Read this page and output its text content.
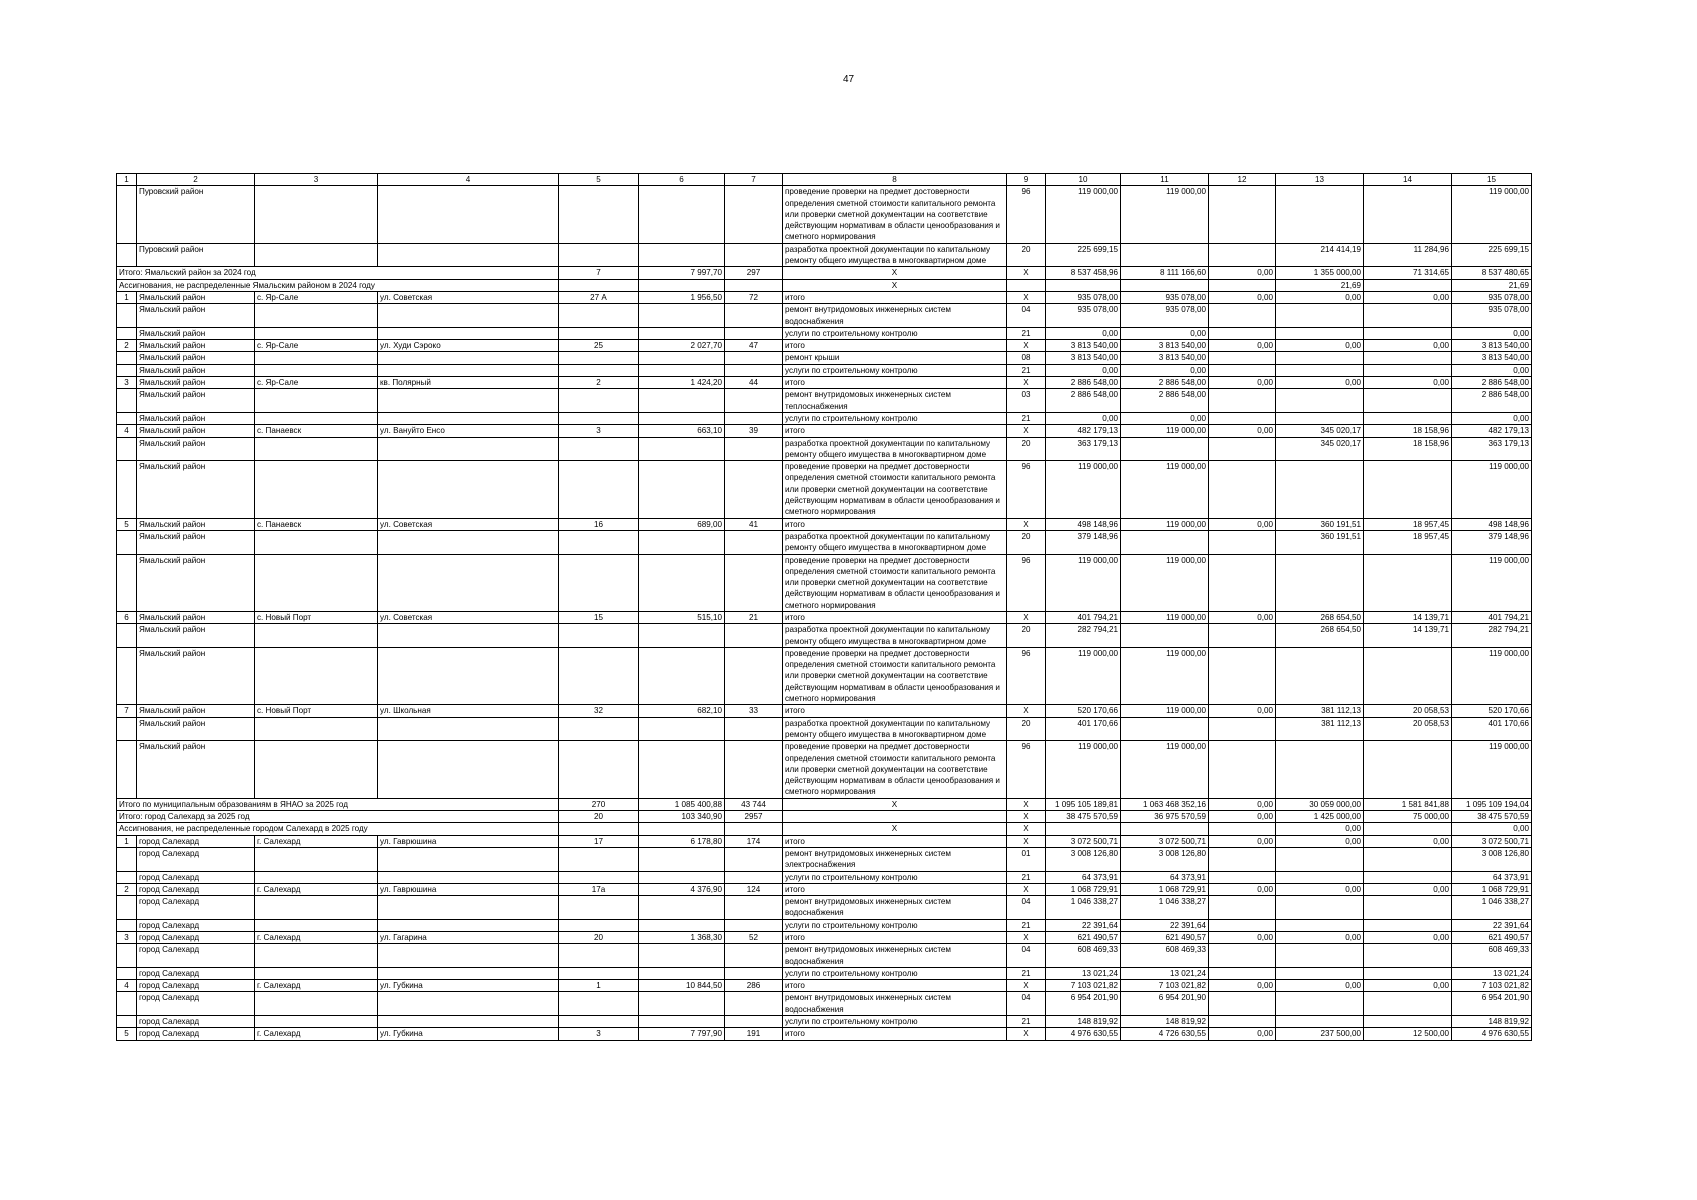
47
1	2	3	4	5	6	7	8	9	10	11	12	13	14	15
	Пуровский район						проведение проверки на предмет достоверности определения сметной стоимости капитального ремонта или проверки сметной документации на соответствие действующим нормативам в области ценообразования и сметного нормирования	96	119 000,00	119 000,00				119 000,00
	Пуровский район						разработка проектной документации по капитальному ремонту общего имущества в многоквартирном доме	20	225 699,15			214 414,19	11 284,96	225 699,15
Итого: Ямальский район за 2024 год				7	7 997,70	297	X	X	8 537 458,96	8 111 166,60	0,00	1 355 000,00	71 314,65	8 537 480,65
Ассигнования, не распределенные Ямальским районом в 2024 году							X					21,69		21,69
1	Ямальский район	с. Яр-Сале	ул. Советская	27 А	1 956,50	72	итого	X	935 078,00	935 078,00	0,00	0,00	0,00	935 078,00
	Ямальский район						ремонт внутридомовых инженерных систем водоснабжения	04	935 078,00	935 078,00				935 078,00
	Ямальский район						услуги по строительному контролю	21	0,00	0,00				0,00
2	Ямальский район	с. Яр-Сале	ул. Худи Сэроко	25	2 027,70	47	итого	X	3 813 540,00	3 813 540,00	0,00	0,00	0,00	3 813 540,00
	Ямальский район						ремонт крыши	08	3 813 540,00	3 813 540,00				3 813 540,00
	Ямальский район						услуги по строительному контролю	21	0,00	0,00				0,00
3	Ямальский район	с. Яр-Сале	кв. Полярный	2	1 424,20	44	итого	X	2 886 548,00	2 886 548,00	0,00	0,00	0,00	2 886 548,00
	Ямальский район						ремонт внутридомовых инженерных систем теплоснабжения	03	2 886 548,00	2 886 548,00				2 886 548,00
	Ямальский район						услуги по строительному контролю	21	0,00	0,00				0,00
4	Ямальский район	с. Панаевск	ул. Вануйто Енсо	3	663,10	39	итого	X	482 179,13	119 000,00	0,00	345 020,17	18 158,96	482 179,13
	Ямальский район						разработка проектной документации по капитальному ремонту общего имущества в многоквартирном доме	20	363 179,13			345 020,17	18 158,96	363 179,13
	Ямальский район						проведение проверки на предмет достоверности определения сметной стоимости капитального ремонта или проверки сметной документации на соответствие действующим нормативам в области ценообразования и сметного нормирования	96	119 000,00	119 000,00				119 000,00
5	Ямальский район	с. Панаевск	ул. Советская	16	689,00	41	итого	X	498 148,96	119 000,00	0,00	360 191,51	18 957,45	498 148,96
	Ямальский район						разработка проектной документации по капитальному ремонту общего имущества в многоквартирном доме	20	379 148,96			360 191,51	18 957,45	379 148,96
	Ямальский район						проведение проверки на предмет достоверности определения сметной стоимости капитального ремонта или проверки сметной документации на соответствие действующим нормативам в области ценообразования и сметного нормирования	96	119 000,00	119 000,00				119 000,00
6	Ямальский район	с. Новый Порт	ул. Советская	15	515,10	21	итого	X	401 794,21	119 000,00	0,00	268 654,50	14 139,71	401 794,21
	Ямальский район						разработка проектной документации по капитальному ремонту общего имущества в многоквартирном доме	20	282 794,21			268 654,50	14 139,71	282 794,21
	Ямальский район						проведение проверки на предмет достоверности определения сметной стоимости капитального ремонта или проверки сметной документации на соответствие действующим нормативам в области ценообразования и сметного нормирования	96	119 000,00	119 000,00				119 000,00
7	Ямальский район	с. Новый Порт	ул. Школьная	32	682,10	33	итого	X	520 170,66	119 000,00	0,00	381 112,13	20 058,53	520 170,66
	Ямальский район						разработка проектной документации по капитальному ремонту общего имущества в многоквартирном доме	20	401 170,66			381 112,13	20 058,53	401 170,66
	Ямальский район						проведение проверки на предмет достоверности определения сметной стоимости капитального ремонта или проверки сметной документации на соответствие действующим нормативам в области ценообразования и сметного нормирования	96	119 000,00	119 000,00				119 000,00
Итого по муниципальным образованиям в ЯНАО за 2025 год				270	1 085 400,88	43 744	X	X	1 095 105 189,81	1 063 468 352,16	0,00	30 059 000,00	1 581 841,88	1 095 109 194,04
Итого: город Салехард за 2025 год				20	103 340,90	2957		X	38 475 570,59	36 975 570,59	0,00	1 425 000,00	75 000,00	38 475 570,59
Ассигнования, не распределенные городом Салехард в 2025 году							X	X				0,00		0,00
1	город Салехард	г. Салехард	ул. Гаврюшина	17	6 178,80	174	итого	X	3 072 500,71	3 072 500,71	0,00	0,00	0,00	3 072 500,71
	город Салехард						ремонт внутридомовых инженерных систем электроснабжения	01	3 008 126,80	3 008 126,80				3 008 126,80
	город Салехард						услуги по строительному контролю	21	64 373,91	64 373,91				64 373,91
2	город Салехард	г. Салехард	ул. Гаврюшина	17а	4 376,90	124	итого	X	1 068 729,91	1 068 729,91	0,00	0,00	0,00	1 068 729,91
	город Салехард						ремонт внутридомовых инженерных систем водоснабжения	04	1 046 338,27	1 046 338,27				1 046 338,27
	город Салехард						услуги по строительному контролю	21	22 391,64	22 391,64				22 391,64
3	город Салехард	г. Салехард	ул. Гагарина	20	1 368,30	52	итого	X	621 490,57	621 490,57	0,00	0,00	0,00	621 490,57
	город Салехард						ремонт внутридомовых инженерных систем водоснабжения	04	608 469,33	608 469,33				608 469,33
	город Салехард						услуги по строительному контролю	21	13 021,24	13 021,24				13 021,24
4	город Салехард	г. Салехард	ул. Губкина	1	10 844,50	286	итого	X	7 103 021,82	7 103 021,82	0,00	0,00	0,00	7 103 021,82
	город Салехард						ремонт внутридомовых инженерных систем водоснабжения	04	6 954 201,90	6 954 201,90				6 954 201,90
	город Салехард						услуги по строительному контролю	21	148 819,92	148 819,92				148 819,92
5	город Салехард	г. Салехард	ул. Губкина	3	7 797,90	191	итого	X	4 976 630,55	4 726 630,55	0,00	237 500,00	12 500,00	4 976 630,55
